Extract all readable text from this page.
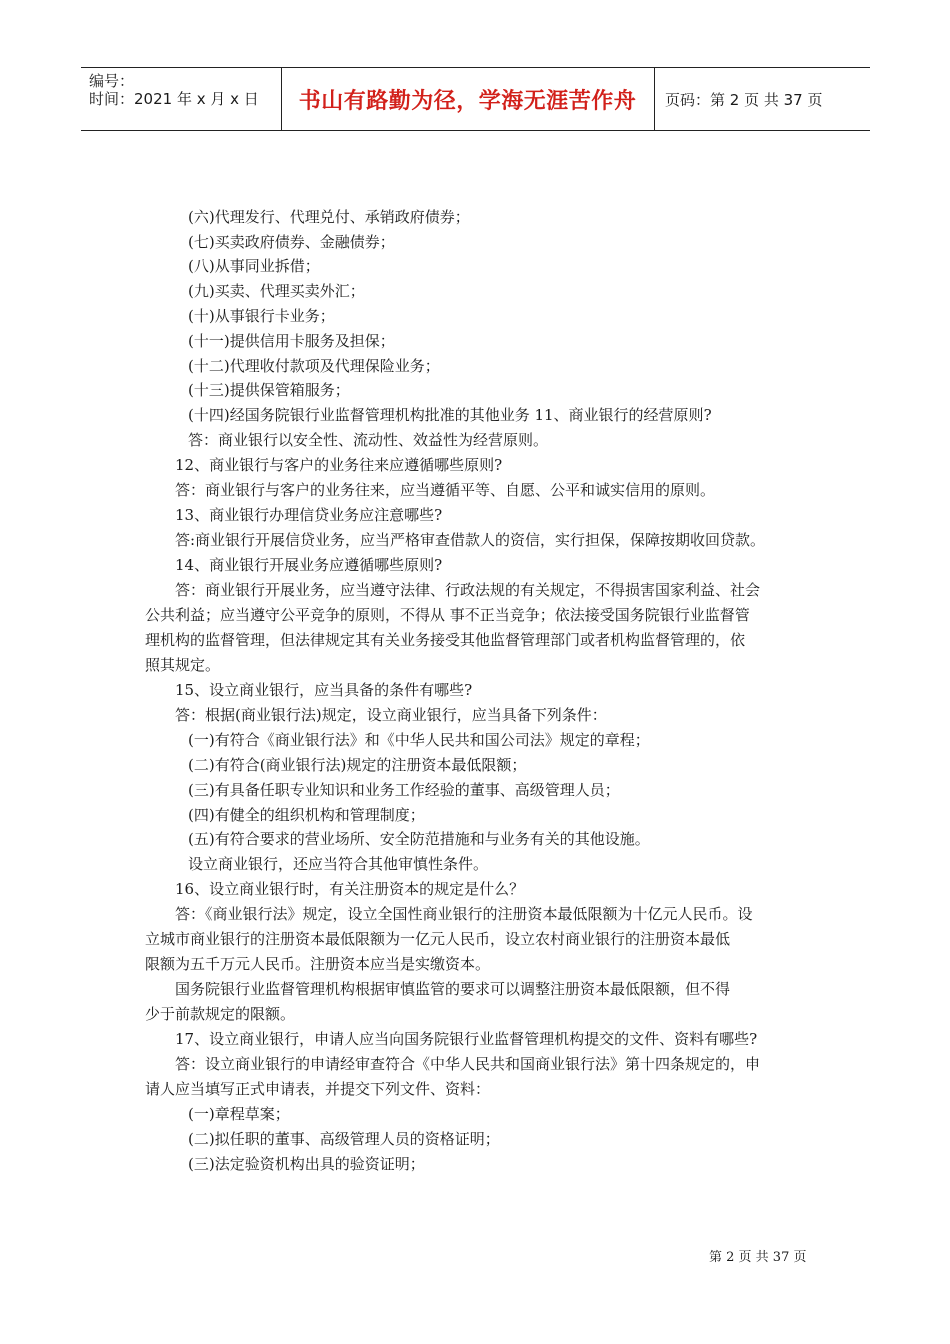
编号：
时间：2021 年 x 月 x 日 书山有路勤为径，学海无涯苦作舟 页码：第 2 页 共 37 页
(六)代理发行、代理兑付、承销政府债券；
(七)买卖政府债券、金融债券；
(八)从事同业拆借；
(九)买卖、代理买卖外汇；
(十)从事银行卡业务；
(十一)提供信用卡服务及担保；
(十二)代理收付款项及代理保险业务；
(十三)提供保管箱服务；
(十四)经国务院银行业监督管理机构批准的其他业务 11、商业银行的经营原则?
答：商业银行以安全性、流动性、效益性为经营原则。
12、商业银行与客户的业务往来应遵循哪些原则?
答：商业银行与客户的业务往来，应当遵循平等、自愿、公平和诚实信用的原则。
13、商业银行办理信贷业务应注意哪些?
答:商业银行开展信贷业务，应当严格审查借款人的资信，实行担保，保障按期收回贷款。
14、商业银行开展业务应遵循哪些原则?
答：商业银行开展业务，应当遵守法律、行政法规的有关规定，不得损害国家利益、社会
公共利益；应当遵守公平竞争的原则，不得从 事不正当竞争；依法接受国务院银行业监督管
理机构的监督管理，但法律规定其有关业务接受其他监督管理部门或者机构监督管理的，依
照其规定。
15、设立商业银行，应当具备的条件有哪些?
答：根据(商业银行法)规定，设立商业银行，应当具备下列条件：
(一)有符合《商业银行法》和《中华人民共和国公司法》规定的章程；
(二)有符合(商业银行法)规定的注册资本最低限额；
(三)有具备任职专业知识和业务工作经验的董事、高级管理人员；
(四)有健全的组织机构和管理制度；
(五)有符合要求的营业场所、安全防范措施和与业务有关的其他设施。
设立商业银行，还应当符合其他审慎性条件。
16、设立商业银行时，有关注册资本的规定是什么？
答：《商业银行法》规定，设立全国性商业银行的注册资本最低限额为十亿元人民币。设
立城市商业银行的注册资本最低限额为一亿元人民币，设立农村商业银行的注册资本最低
限额为五千万元人民币。注册资本应当是实缴资本。
国务院银行业监督管理机构根据审慎监管的要求可以调整注册资本最低限额，但不得
少于前款规定的限额。
17、设立商业银行，申请人应当向国务院银行业监督管理机构提交的文件、资料有哪些?
答：设立商业银行的申请经审查符合《中华人民共和国商业银行法》第十四条规定的，申
请人应当填写正式申请表，并提交下列文件、资料：
(一)章程草案；
(二)拟任职的董事、高级管理人员的资格证明；
(三)法定验资机构出具的验资证明；
第 2 页 共 37 页
